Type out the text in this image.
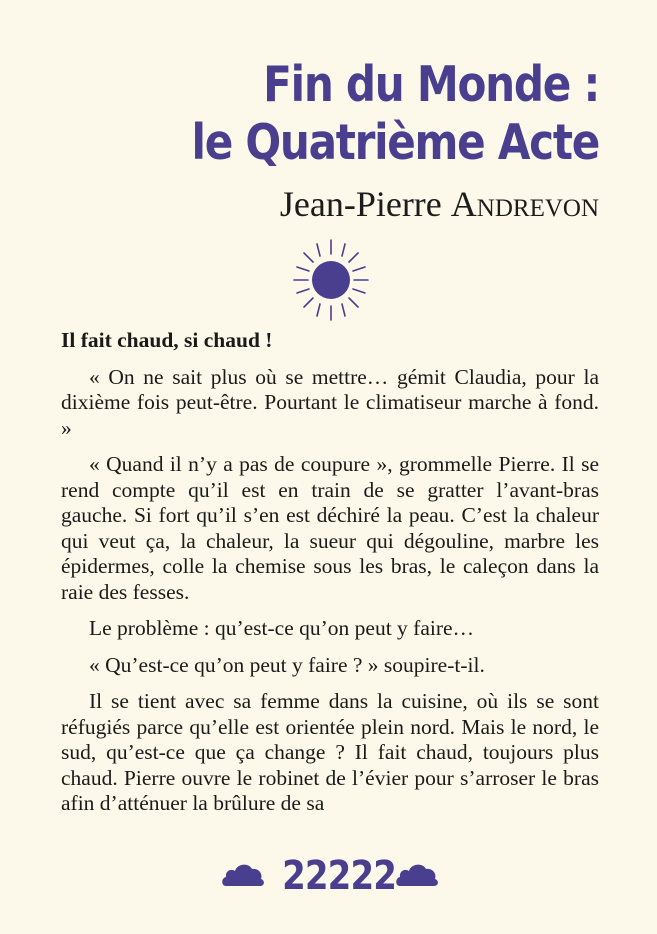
Fin du Monde :
le Quatrième Acte
Jean-Pierre Andrevon
Il fait chaud, si chaud !

« On ne sait plus où se mettre… gémit Claudia, pour la dixième fois peut-être. Pourtant le climatiseur marche à fond. »

« Quand il n’y a pas de coupure », grommelle Pierre. Il se rend compte qu’il est en train de se gratter l’avant-bras gauche. Si fort qu’il s’en est déchiré la peau. C’est la chaleur qui veut ça, la chaleur, la sueur qui dégouline, marbre les épidermes, colle la chemise sous les bras, le caleçon dans la raie des fesses.

Le problème : qu’est-ce qu’on peut y faire…

« Qu’est-ce qu’on peut y faire ? » soupire-t-il.

Il se tient avec sa femme dans la cuisine, où ils se sont réfugiés parce qu’elle est orientée plein nord. Mais le nord, le sud, qu’est-ce que ça change ? Il fait chaud, toujours plus chaud. Pierre ouvre le robinet de l’évier pour s’arroser le bras afin d’atténuer la brûlure de sa

22222
